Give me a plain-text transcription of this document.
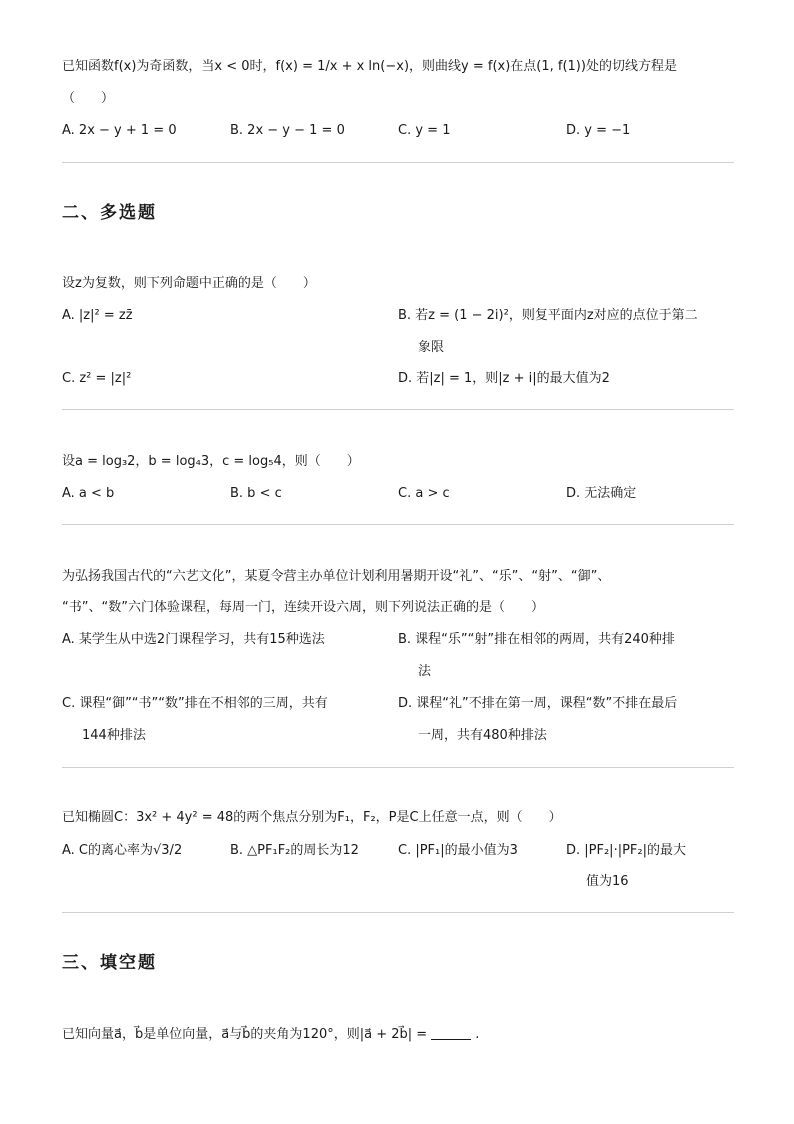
已知函数f(x)为奇函数，当x < 0时，f(x) = 1/x + x ln(−x)，则曲线y = f(x)在点(1, f(1))处的切线方程是
（　　）
A. 2x − y + 1 = 0	B. 2x − y − 1 = 0	C. y = 1	D. y = −1
二、多选题
设z为复数，则下列命题中正确的是（　　）
A. |z|² = zz̄	B. 若z = (1 − 2i)²，则复平面内z对应的点位于第二
象限
C. z² = |z|²	D. 若|z| = 1，则|z + i|的最大值为2
设a = log₃2，b = log₄3，c = log₅4，则（　　）
A. a < b	B. b < c	C. a > c	D. 无法确定
为弘扬我国古代的“六艺文化”，某夏令营主办单位计划利用暑期开设“礼”、“乐”、“射”、“御”、
“书”、“数”六门体验课程，每周一门，连续开设六周，则下列说法正确的是（　　）
A. 某学生从中选2门课程学习，共有15种选法	B. 课程“乐”“射”排在相邻的两周，共有240种排
法
C. 课程“御”“书”“数”排在不相邻的三周，共有
144种排法
D. 课程“礼”不排在第一周，课程“数”不排在最后
一周，共有480种排法
已知椭圆C：3x² + 4y² = 48的两个焦点分别为F₁，F₂，P是C上任意一点，则（　　）
A. C的离心率为√3/2	B. △PF₁F₂的周长为12	C. |PF₁|的最小值为3	D. |PF₂|·|PF₂|的最大
值为16
三、填空题
已知向量a⃗，b⃗是单位向量，a⃗与b⃗的夹角为120°，则|a⃗ + 2b⃗| =	.
